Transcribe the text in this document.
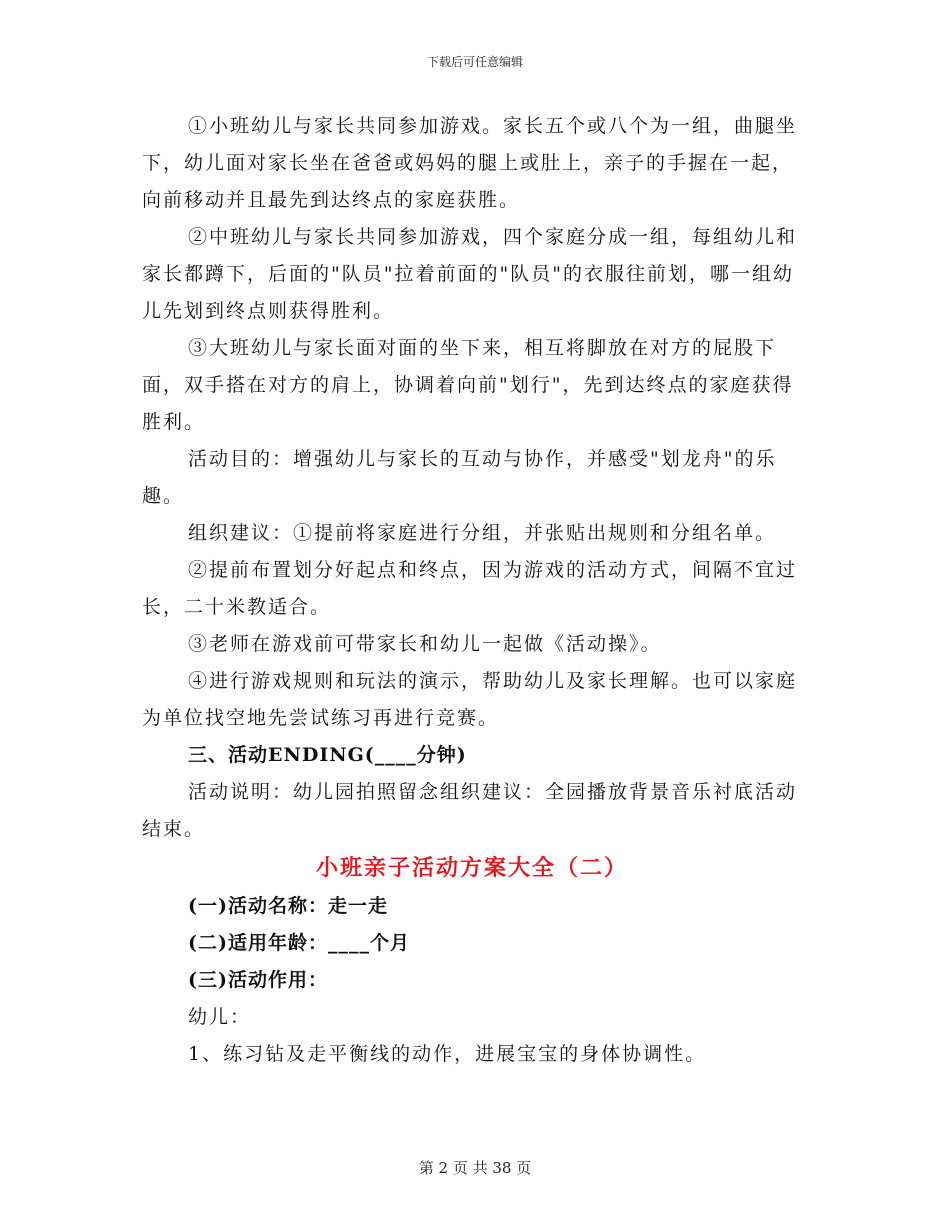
下载后可任意编辑

①小班幼儿与家长共同参加游戏。家长五个或八个为一组，曲腿坐下，幼儿面对家长坐在爸爸或妈妈的腿上或肚上，亲子的手握在一起，向前移动并且最先到达终点的家庭获胜。

②中班幼儿与家长共同参加游戏，四个家庭分成一组，每组幼儿和家长都蹲下，后面的"队员"拉着前面的"队员"的衣服往前划，哪一组幼儿先划到终点则获得胜利。

③大班幼儿与家长面对面的坐下来，相互将脚放在对方的屁股下面，双手搭在对方的肩上，协调着向前"划行"，先到达终点的家庭获得胜利。

活动目的：增强幼儿与家长的互动与协作，并感受"划龙舟"的乐趣。

组织建议：①提前将家庭进行分组，并张贴出规则和分组名单。

②提前布置划分好起点和终点，因为游戏的活动方式，间隔不宜过长，二十米教适合。

③老师在游戏前可带家长和幼儿一起做《活动操》。

④进行游戏规则和玩法的演示，帮助幼儿及家长理解。也可以家庭为单位找空地先尝试练习再进行竞赛。

三、活动ENDING(____分钟)

活动说明：幼儿园拍照留念组织建议：全园播放背景音乐衬底活动结束。

小班亲子活动方案大全（二）

(一)活动名称：走一走

(二)适用年龄：____个月

(三)活动作用：

幼儿：

1、练习钻及走平衡线的动作，进展宝宝的身体协调性。

第 2 页 共 38 页
